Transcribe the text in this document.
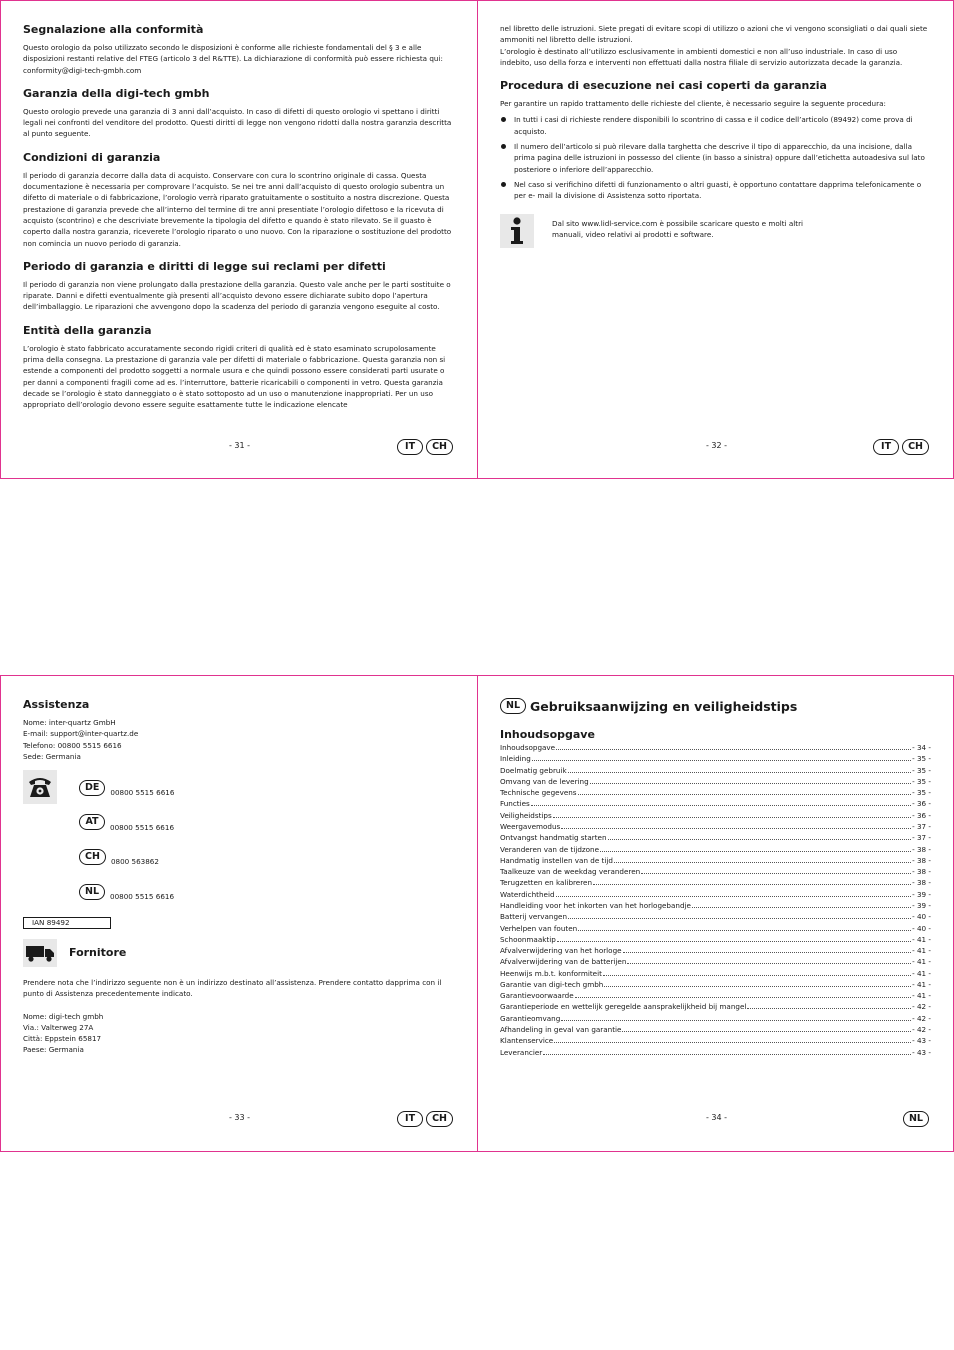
Segnalazione alla conformità

Questo orologio da polso utilizzato secondo le disposizioni è conforme alle richieste fondamentali del § 3 e alle disposizioni restanti relative del FTEG (articolo 3 del R&TTE). La dichiarazione di conformità può essere richiesta qui: conformity@digi-tech-gmbh.com

Garanzia della digi-tech gmbh

Questo orologio prevede una garanzia di 3 anni dall’acquisto. In caso di difetti di questo orologio vi spettano i diritti legali nei confronti del venditore del prodotto. Questi diritti di legge non vengono ridotti dalla nostra garanzia descritta al punto seguente.

Condizioni di garanzia

Il periodo di garanzia decorre dalla data di acquisto. Conservare con cura lo scontrino originale di cassa. Questa documentazione è necessaria per comprovare l’acquisto. Se nei tre anni dall’acquisto di questo orologio subentra un difetto di materiale o di fabbricazione, l’orologio verrà riparato gratuitamente o sostituito a nostra discrezione. Questa prestazione di garanzia prevede che all’interno del termine di tre anni presentiate l’orologio difettoso e la ricevuta di acquisto (scontrino) e che descriviate brevemente la tipologia del difetto e quando è stato rilevato. Se il guasto è coperto dalla nostra garanzia, riceverete l’orologio riparato o uno nuovo. Con la riparazione o sostituzione del prodotto non comincia un nuovo periodo di garanzia.

Periodo di garanzia e diritti di legge sui reclami per difetti

Il periodo di garanzia non viene prolungato dalla prestazione della garanzia. Questo vale anche per le parti sostituite o riparate. Danni e difetti eventualmente già presenti all’acquisto devono essere dichiarate subito dopo l’apertura dell’imballaggio. Le riparazioni che avvengono dopo la scadenza del periodo di garanzia vengono eseguite al costo.

Entità della garanzia

L’orologio è stato fabbricato accuratamente secondo rigidi criteri di qualità ed è stato esaminato scrupolosamente prima della consegna. La prestazione di garanzia vale per difetti di materiale o fabbricazione. Questa garanzia non si estende a componenti del prodotto soggetti a normale usura e che quindi possono essere considerati parti usurate o per danni a componenti fragili come ad es. l’interruttore, batterie ricaricabili o componenti in vetro. Questa garanzia decade se l’orologio è stato danneggiato o è stato sottoposto ad un uso o manutenzione inappropriati. Per un uso appropriato dell’orologio devono essere seguite esattamente tutte le indicazione elencate

- 31 -	IT	CH

nel libretto delle istruzioni. Siete pregati di evitare scopi di utilizzo o azioni che vi vengono sconsigliati o dai quali siete ammoniti nel libretto delle istruzioni.
L’orologio è destinato all’utilizzo esclusivamente in ambienti domestici e non all’uso industriale. In caso di uso indebito, uso della forza e interventi non effettuati dalla nostra filiale di servizio autorizzata decade la garanzia.

Procedura di esecuzione nei casi coperti da garanzia

Per garantire un rapido trattamento delle richieste del cliente, è necessario seguire la seguente procedura:

In tutti i casi di richieste rendere disponibili lo scontrino di cassa e il codice dell’articolo (89492) come prova di acquisto.
Il numero dell’articolo si può rilevare dalla targhetta che descrive il tipo di apparecchio, da una incisione, dalla prima pagina delle istruzioni in possesso del cliente (in basso a sinistra) oppure dall’etichetta autoadesiva sul lato posteriore o inferiore dell’apparecchio.
Nel caso si verifichino difetti di funzionamento o altri guasti, è opportuno contattare dapprima telefonicamente o per e- mail la divisione di Assistenza sotto riportata.
Dal sito www.lidl-service.com è possibile scaricare questo e molti altri manuali, video relativi ai prodotti e software.
- 32 -	IT	CH
Assistenza

Nome: inter-quartz GmbH

E-mail: support@inter-quartz.de

Telefono: 00800 5515 6616

Sede: Germania

DE	00800 5515 6616
AT	00800 5515 6616
CH	0800 563862
NL	00800 5515 6616
IAN 89492
Fornitore

Prendere nota che l’indirizzo seguente non è un indirizzo destinato all’assistenza. Prendere contatto dapprima con il punto di Assistenza precedentemente indicato.

Nome: digi-tech gmbh

Via.: Valterweg 27A

Città: Eppstein 65817

Paese: Germania

- 33 -	IT	CH
NL Gebruiksaanwijzing en veiligheidstips
Inhoudsopgave
Inhoudsopgave	- 34 -
Inleiding	- 35 -
Doelmatig gebruik	- 35 -
Omvang van de levering	- 35 -
Technische gegevens	- 35 -
Functies	- 36 -
Veiligheidstips	- 36 -
Weergavemodus	- 37 -
Ontvangst handmatig starten	- 37 -
Veranderen van de tijdzone	- 38 -
Handmatig instellen van de tijd	- 38 -
Taalkeuze van de weekdag veranderen	- 38 -
Terugzetten en kalibreren	- 38 -
Waterdichtheid	- 39 -
Handleiding voor het inkorten van het horlogebandje	- 39 -
Batterij vervangen	- 40 -
Verhelpen van fouten	- 40 -
Schoonmaaktip	- 41 -
Afvalverwijdering van het horloge	- 41 -
Afvalverwijdering van de batterijen	- 41 -
Heenwijs m.b.t. konformiteit	- 41 -
Garantie van digi-tech gmbh	- 41 -
Garantievoorwaarde	- 41 -
Garantieperiode en wettelijk geregelde aansprakelijkheid bij mangel	- 42 -
Garantieomvang	- 42 -
Afhandeling in geval van garantie	- 42 -
Klantenservice	- 43 -
Leverancier	- 43 -
- 34 -	NL
